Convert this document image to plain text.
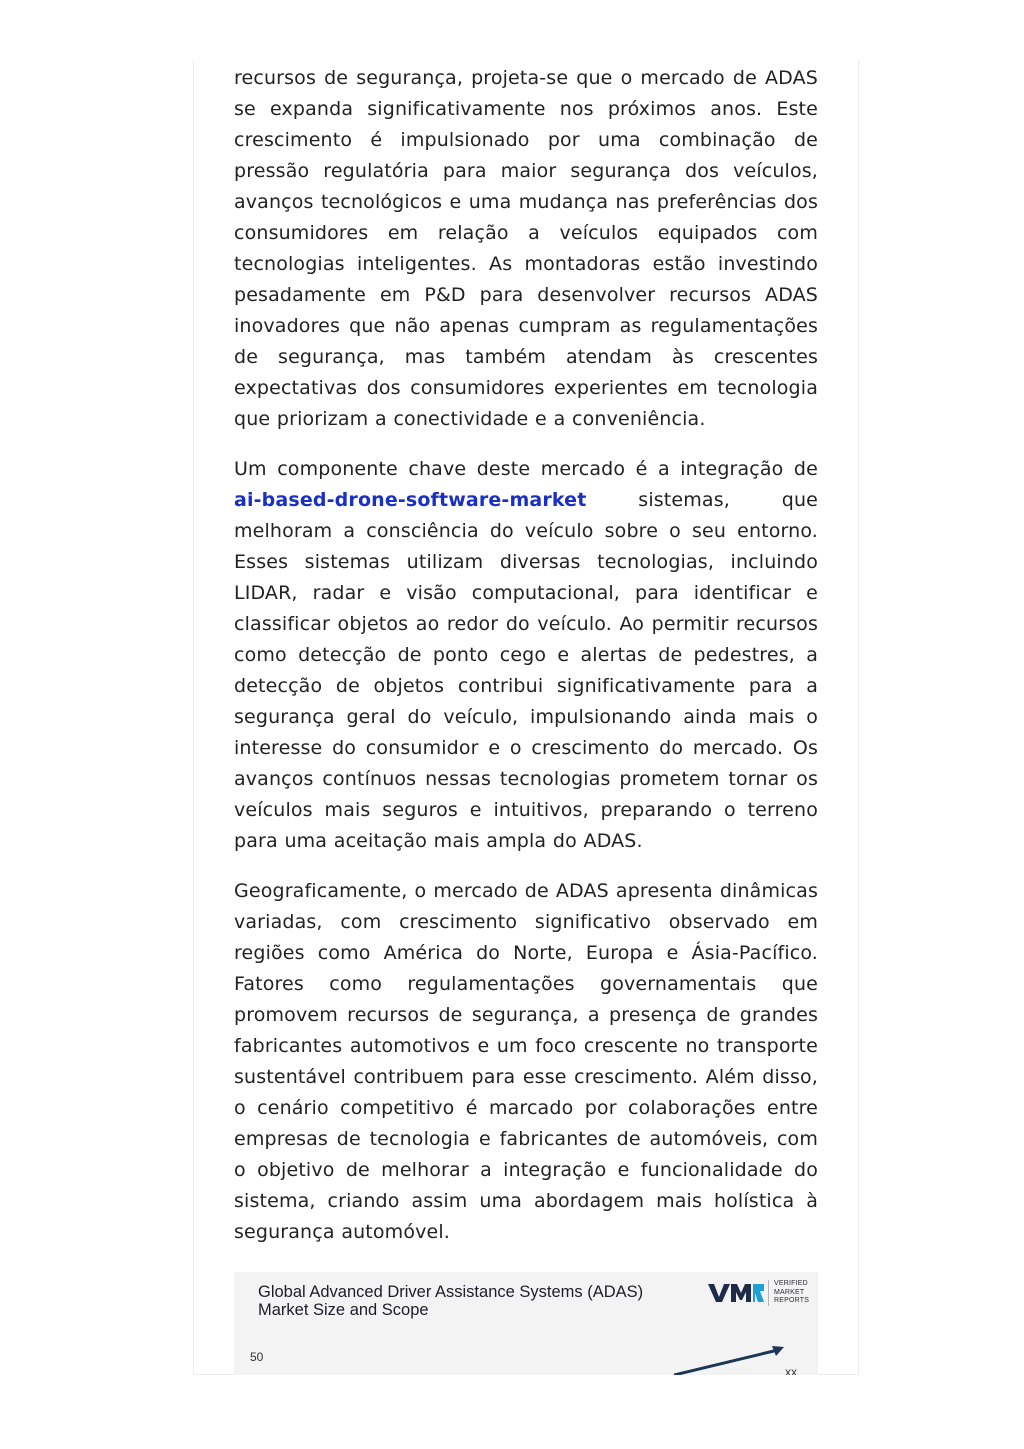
recursos de segurança, projeta-se que o mercado de ADAS se expanda significativamente nos próximos anos. Este crescimento é impulsionado por uma combinação de pressão regulatória para maior segurança dos veículos, avanços tecnológicos e uma mudança nas preferências dos consumidores em relação a veículos equipados com tecnologias inteligentes. As montadoras estão investindo pesadamente em P&D para desenvolver recursos ADAS inovadores que não apenas cumpram as regulamentações de segurança, mas também atendam às crescentes expectativas dos consumidores experientes em tecnologia que priorizam a conectividade e a conveniência.

Um componente chave deste mercado é a integração de ai-based-drone-software-market sistemas, que melhoram a consciência do veículo sobre o seu entorno. Esses sistemas utilizam diversas tecnologias, incluindo LIDAR, radar e visão computacional, para identificar e classificar objetos ao redor do veículo. Ao permitir recursos como detecção de ponto cego e alertas de pedestres, a detecção de objetos contribui significativamente para a segurança geral do veículo, impulsionando ainda mais o interesse do consumidor e o crescimento do mercado. Os avanços contínuos nessas tecnologias prometem tornar os veículos mais seguros e intuitivos, preparando o terreno para uma aceitação mais ampla do ADAS.

Geograficamente, o mercado de ADAS apresenta dinâmicas variadas, com crescimento significativo observado em regiões como América do Norte, Europa e Ásia-Pacífico. Fatores como regulamentações governamentais que promovem recursos de segurança, a presença de grandes fabricantes automotivos e um foco crescente no transporte sustentável contribuem para esse crescimento. Além disso, o cenário competitivo é marcado por colaborações entre empresas de tecnologia e fabricantes de automóveis, com o objetivo de melhorar a integração e funcionalidade do sistema, criando assim uma abordagem mais holística à segurança automóvel.

Global Advanced Driver Assistance Systems (ADAS)
Market Size and Scope
VERIFIED
MARKET
REPORTS
50
xx
